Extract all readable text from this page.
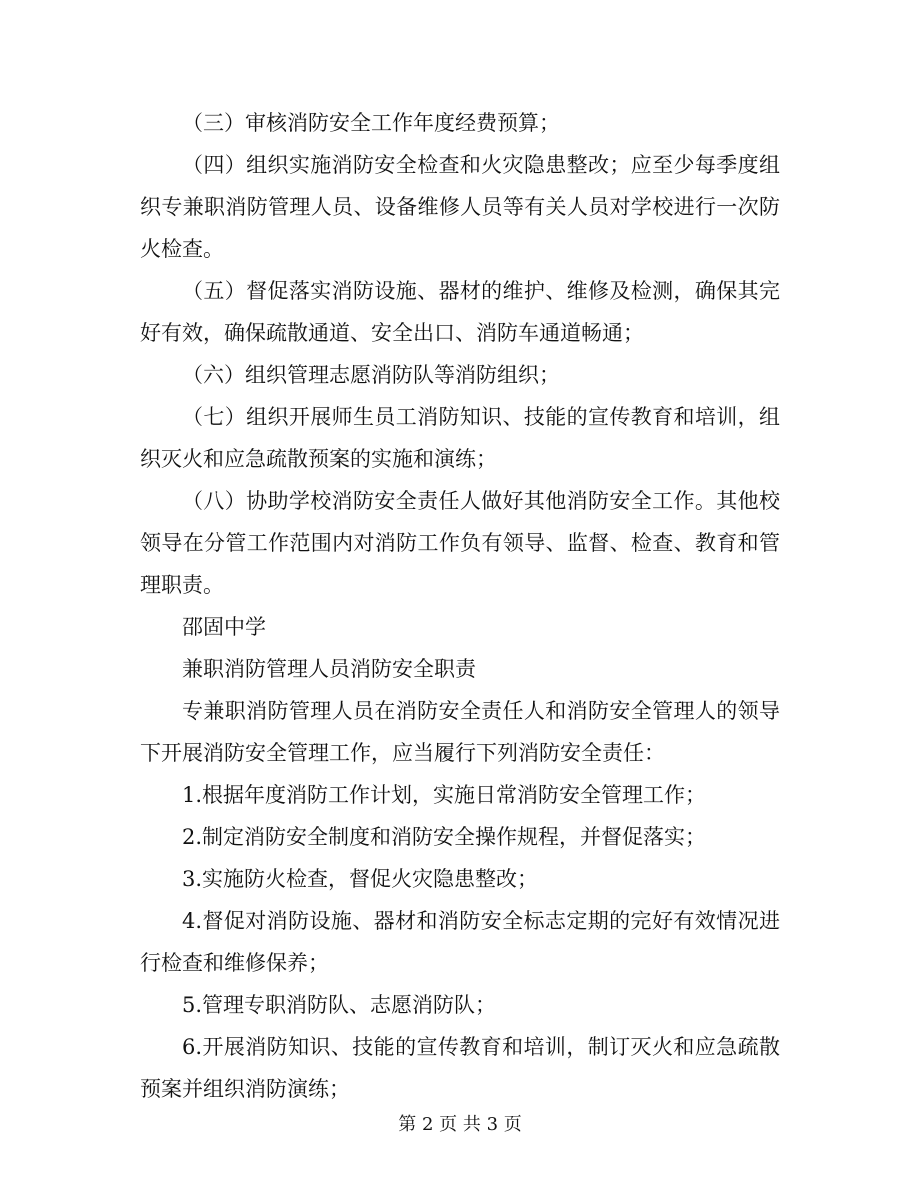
（三）审核消防安全工作年度经费预算；

（四）组织实施消防安全检查和火灾隐患整改；应至少每季度组织专兼职消防管理人员、设备维修人员等有关人员对学校进行一次防火检查。

（五）督促落实消防设施、器材的维护、维修及检测，确保其完好有效，确保疏散通道、安全出口、消防车通道畅通；

（六）组织管理志愿消防队等消防组织；

（七）组织开展师生员工消防知识、技能的宣传教育和培训，组织灭火和应急疏散预案的实施和演练；

（八）协助学校消防安全责任人做好其他消防安全工作。其他校领导在分管工作范围内对消防工作负有领导、监督、检查、教育和管理职责。

邵固中学

兼职消防管理人员消防安全职责

专兼职消防管理人员在消防安全责任人和消防安全管理人的领导下开展消防安全管理工作，应当履行下列消防安全责任：

1.根据年度消防工作计划，实施日常消防安全管理工作；

2.制定消防安全制度和消防安全操作规程，并督促落实；

3.实施防火检查，督促火灾隐患整改；

4.督促对消防设施、器材和消防安全标志定期的完好有效情况进行检查和维修保养；

5.管理专职消防队、志愿消防队；

6.开展消防知识、技能的宣传教育和培训，制订灭火和应急疏散预案并组织消防演练；

第 2 页 共 3 页
